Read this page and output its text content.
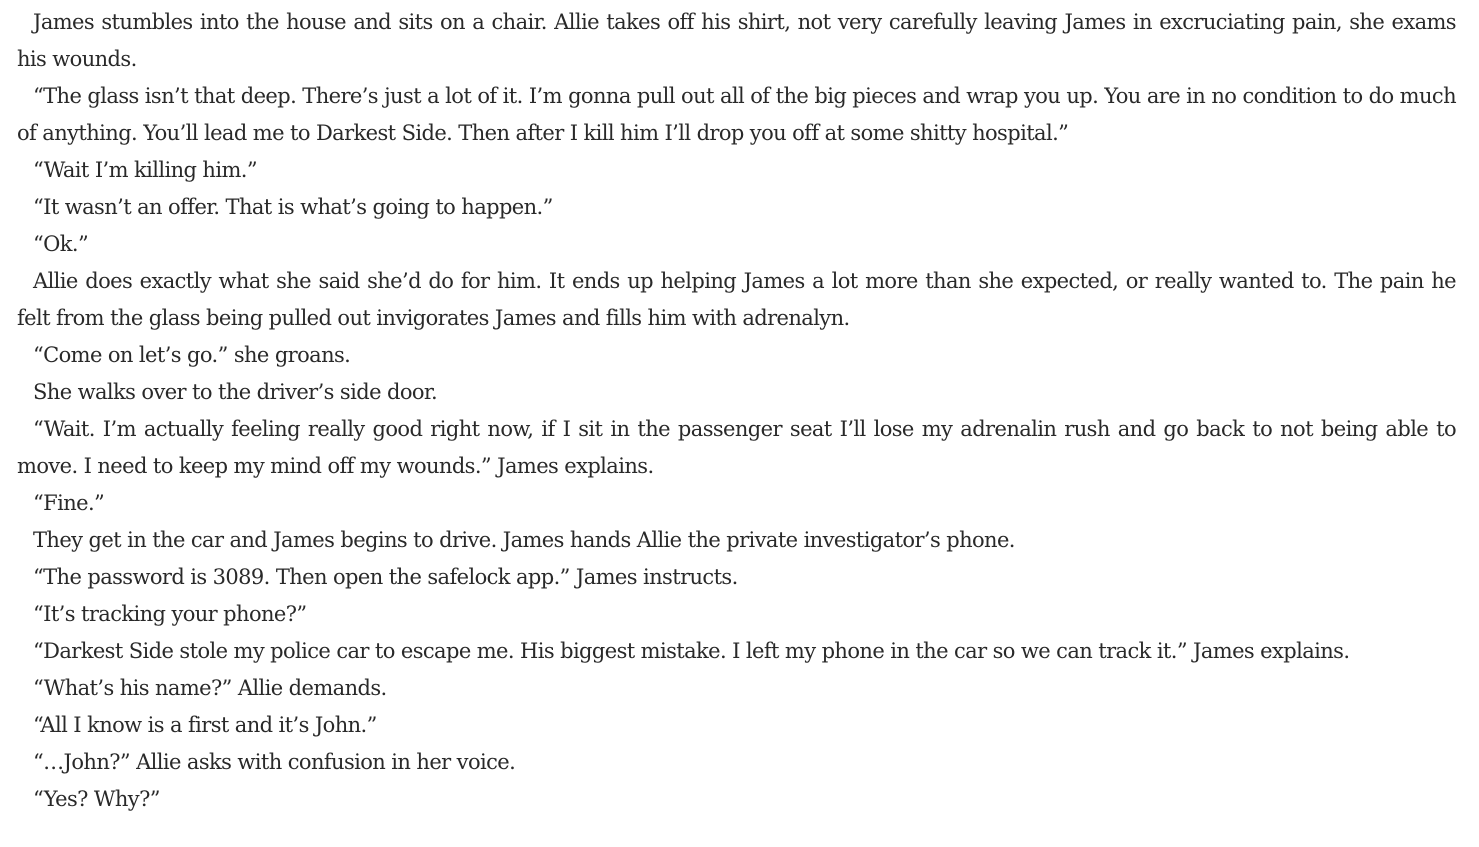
James stumbles into the house and sits on a chair. Allie takes off his shirt, not very carefully leaving James in excruciating pain, she exams his wounds.

“The glass isn’t that deep. There’s just a lot of it. I’m gonna pull out all of the big pieces and wrap you up. You are in no condition to do much of anything. You’ll lead me to Darkest Side. Then after I kill him I’ll drop you off at some shitty hospital.”

“Wait I’m killing him.”

“It wasn’t an offer. That is what’s going to happen.”

“Ok.”

Allie does exactly what she said she’d do for him. It ends up helping James a lot more than she expected, or really wanted to. The pain he felt from the glass being pulled out invigorates James and fills him with adrenalyn.

“Come on let’s go.” she groans.

She walks over to the driver’s side door.

“Wait. I’m actually feeling really good right now, if I sit in the passenger seat I’ll lose my adrenalin rush and go back to not being able to move. I need to keep my mind off my wounds.” James explains.

“Fine.”

They get in the car and James begins to drive. James hands Allie the private investigator’s phone.

“The password is 3089. Then open the safelock app.” James instructs.

“It’s tracking your phone?”

“Darkest Side stole my police car to escape me. His biggest mistake. I left my phone in the car so we can track it.” James explains.

“What’s his name?” Allie demands.

“All I know is a first and it’s John.”

“…John?” Allie asks with confusion in her voice.

“Yes? Why?”
